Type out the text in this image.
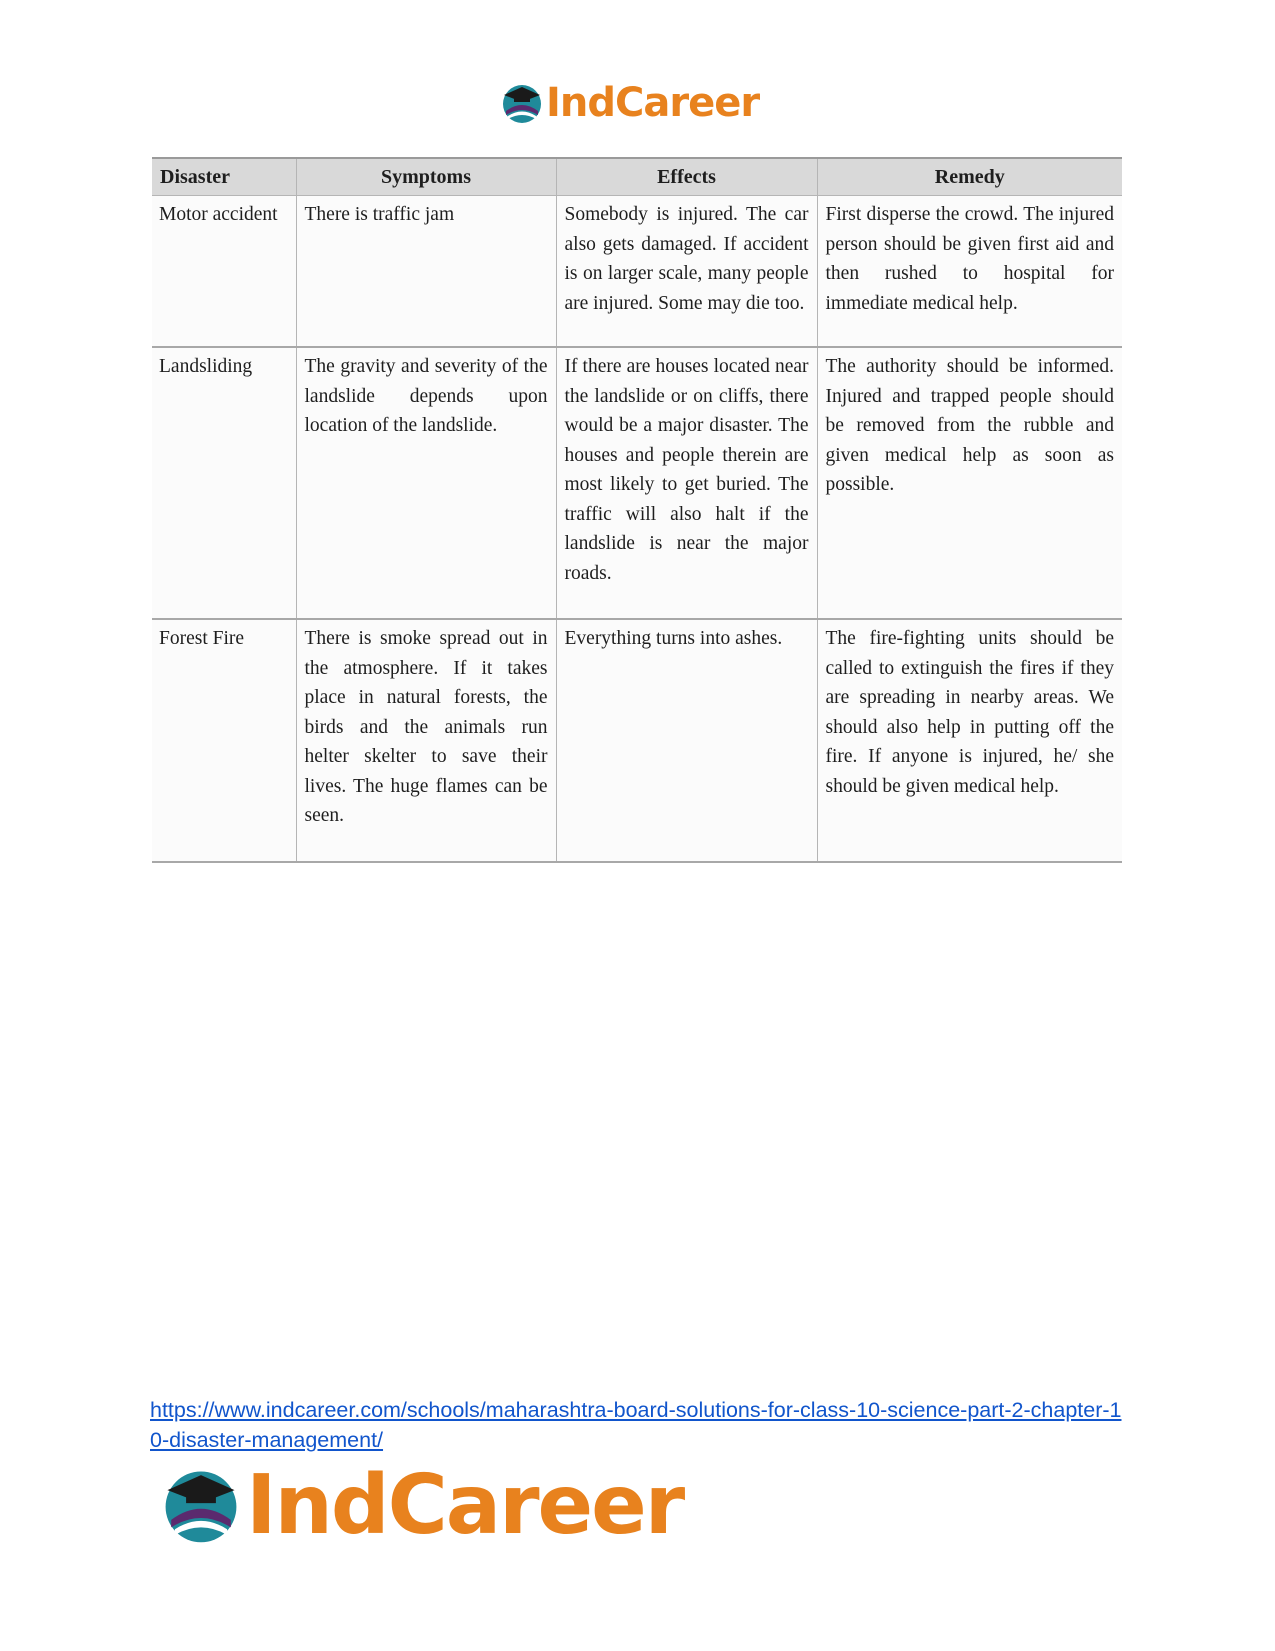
IndCareer
Disaster	Symptoms	Effects	Remedy
Motor accident	There is traffic jam	Somebody is injured. The car also gets damaged. If accident is on larger scale, many people are injured. Some may die too.	First disperse the crowd. The injured person should be given first aid and then rushed to hospital for immediate medical help.
Landsliding	The gravity and severity of the landslide depends upon location of the landslide.	If there are houses located near the landslide or on cliffs, there would be a major disaster. The houses and people therein are most likely to get buried. The traffic will also halt if the landslide is near the major roads.	The authority should be informed. Injured and trapped people should be removed from the rubble and given medical help as soon as possible.
Forest Fire	There is smoke spread out in the atmosphere. If it takes place in natural forests, the birds and the animals run helter skelter to save their lives. The huge flames can be seen.	Everything turns into ashes.	The fire-fighting units should be called to extinguish the fires if they are spreading in nearby areas. We should also help in putting off the fire. If anyone is injured, he/ she should be given medical help.
https://www.indcareer.com/schools/maharashtra-board-solutions-for-class-10-science-part-2-chapter-10-disaster-management/
IndCareer
